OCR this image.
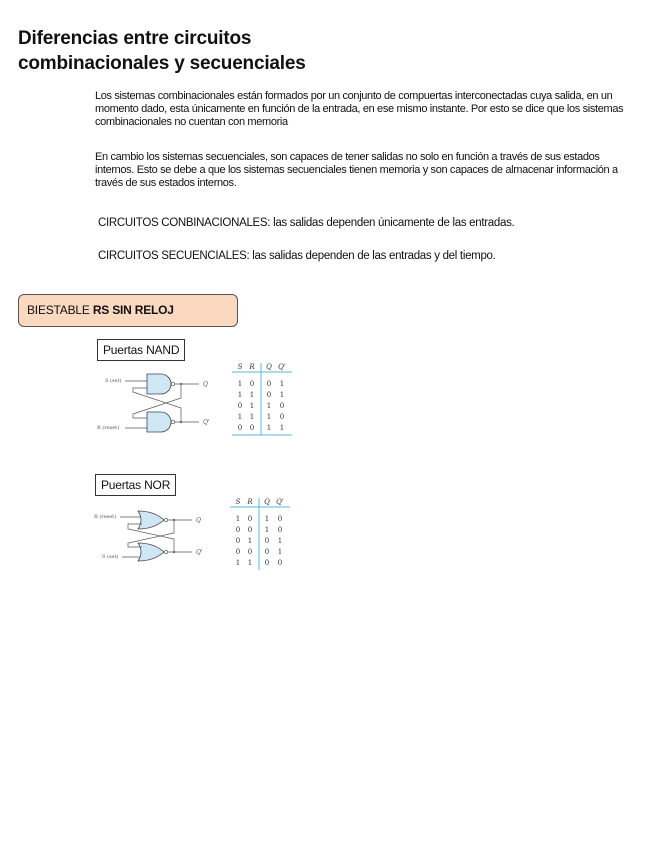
Diferencias entre circuitos
combinacionales y secuenciales
Los sistemas combinacionales están formados por un conjunto de compuertas interconectadas cuya salida, en un momento dado, esta únicamente en función de la entrada, en ese mismo instante. Por esto se dice que los sistemas combinacionales no cuentan con memoria
En cambio los sistemas secuenciales, son capaces de tener salidas no solo en función a través de sus estados internos. Esto se debe a que los sistemas secuenciales tienen memoria y son capaces de almacenar información a través de sus estados internos.
CIRCUITOS CONBINACIONALES: las salidas dependen únicamente de las entradas.
CIRCUITOS SECUENCIALES: las salidas dependen de las entradas y del tiempo.
BIESTABLE RS SIN RELOJ
Puertas NAND
Puertas NOR
S (set)
R (reset)
Q
Q'
S R Q Q'
1 0 0 1
1 1 0 1
0 1 1 0
1 1 1 0
0 0 1 1
R (reset)
S (set)
Q
Q'
S R Q Q'
1 0 1 0
0 0 1 0
0 1 0 1
0 0 0 1
1 1 0 0
